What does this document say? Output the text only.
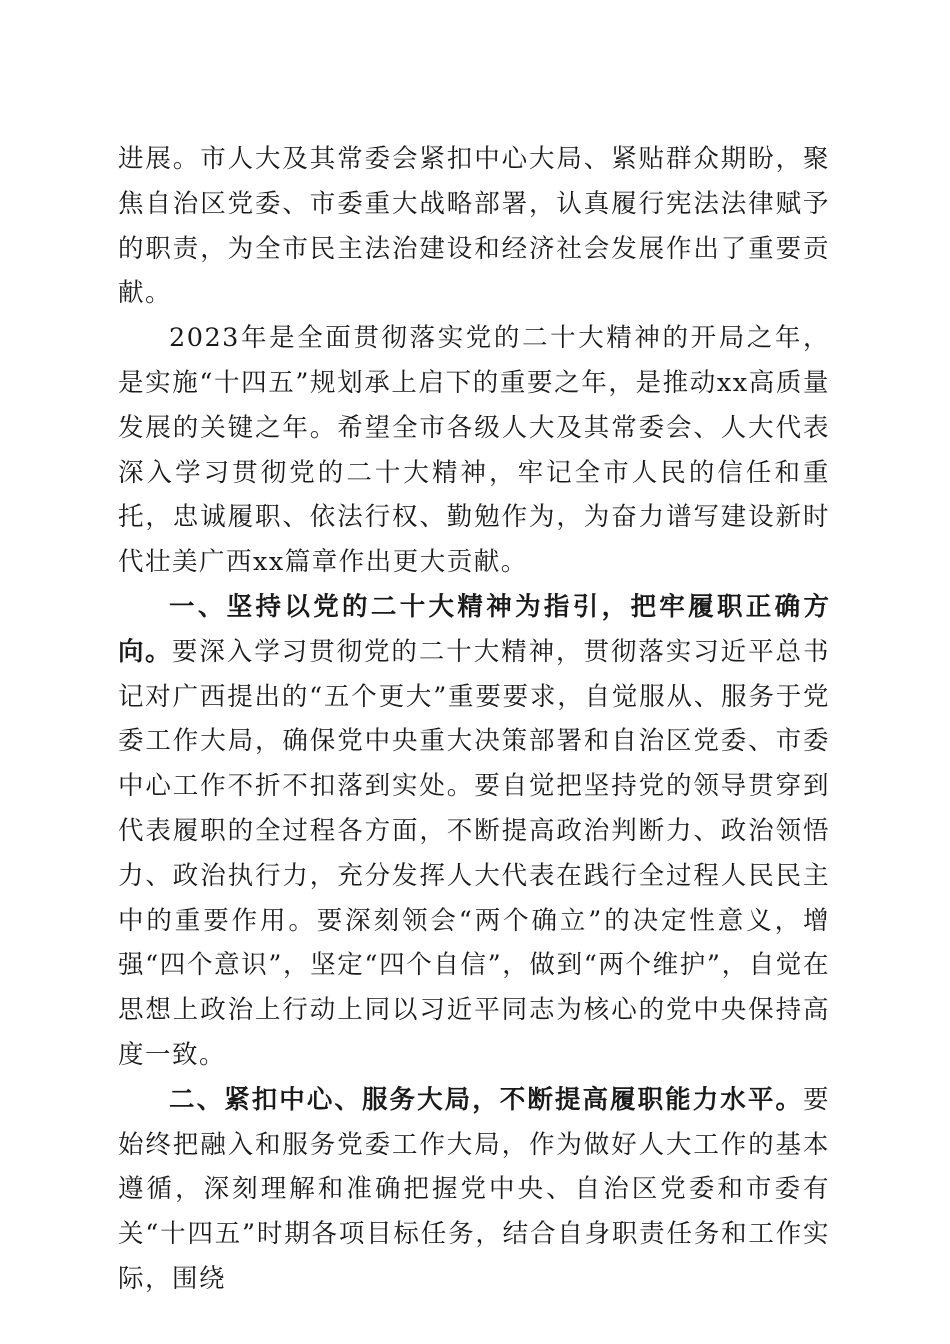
进展。市人大及其常委会紧扣中心大局、紧贴群众期盼，聚焦自治区党委、市委重大战略部署，认真履行宪法法律赋予的职责，为全市民主法治建设和经济社会发展作出了重要贡献。

2023年是全面贯彻落实党的二十大精神的开局之年，是实施“十四五”规划承上启下的重要之年，是推动xx高质量发展的关键之年。希望全市各级人大及其常委会、人大代表深入学习贯彻党的二十大精神，牢记全市人民的信任和重托，忠诚履职、依法行权、勤勉作为，为奋力谱写建设新时代壮美广西xx篇章作出更大贡献。

一、坚持以党的二十大精神为指引，把牢履职正确方向。要深入学习贯彻党的二十大精神，贯彻落实习近平总书记对广西提出的“五个更大”重要要求，自觉服从、服务于党委工作大局，确保党中央重大决策部署和自治区党委、市委中心工作不折不扣落到实处。要自觉把坚持党的领导贯穿到代表履职的全过程各方面，不断提高政治判断力、政治领悟力、政治执行力，充分发挥人大代表在践行全过程人民民主中的重要作用。要深刻领会“两个确立”的决定性意义，增强“四个意识”，坚定“四个自信”，做到“两个维护”，自觉在思想上政治上行动上同以习近平同志为核心的党中央保持高度一致。

二、紧扣中心、服务大局，不断提高履职能力水平。要始终把融入和服务党委工作大局，作为做好人大工作的基本遵循，深刻理解和准确把握党中央、自治区党委和市委有关“十四五”时期各项目标任务，结合自身职责任务和工作实际，围绕
